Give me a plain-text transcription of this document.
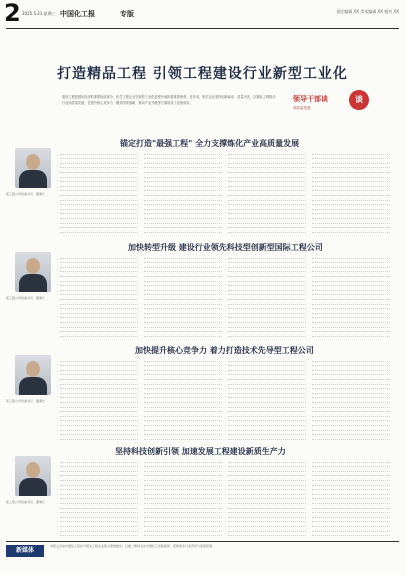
2 2025.5.21 星期三 中国化工报	专版	责任编辑 XX 美术编辑 XX 校对 XX
打造精品工程 引领工程建设行业新型工业化
建设工程是国民经济的重要组成部分，化学工程企业在新型工业化进程中承担着重要使命。近年来，相关企业坚持创新驱动、质量为先，以精品工程推动行业高质量发展，在提升核心竞争力、服务国家战略、推动产业升级等方面取得了显著成效。	领导干部谈
高质量发展
谈
锚定打造"最强工程" 全力支撑炼化产业高质量发展
某工程公司党委书记、董事长
加快转型升级 建设行业领先科技型创新型国际工程公司
某工程公司党委书记、董事长
加快提升核心竞争力 着力打造技术先导型工程公司
某工程公司党委书记、董事长
坚持科技创新引领 加速发展工程建设新质生产力
某工程公司党委书记、董事长
新媒体
本版文章由中国化工报社与相关工程企业联合策划推出。扫描二维码关注中国化工报新媒体，获取更多行业资讯与深度报道。
